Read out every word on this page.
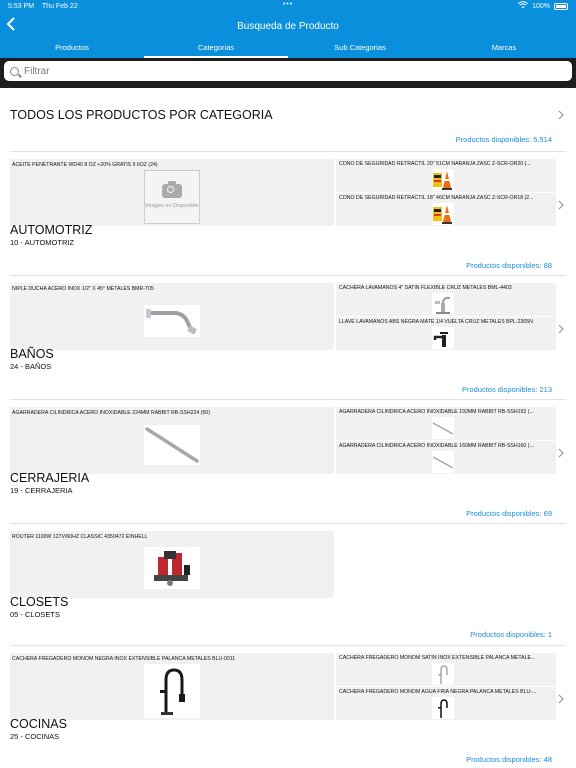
5:53 PM Thu Feb 22	•••	100%
Busqueda de Producto
Productos	Categorias	Sub Categorias	Marcas
Filtrar
TODOS LOS PRODUCTOS POR CATEGORIA
Productos disponibles: 5,514
ACEITE PENETRANTE WD40 8 OZ +20% GRATIS 9.6OZ (24)
Imagen no Disponible
CONO DE SEGURIDAD RETRACTIL 20" 51CM NARANJA ZASC Z-SCR-OR20 (...
CONO DE SEGURIDAD RETRACTIL 18" 46CM NARANJA ZASC Z-SCR-OR18 (2...
AUTOMOTRIZ
10 - AUTOMOTRIZ
Productos disponibles: 88
NIPLE DUCHA ACERO INOX 1/2" X 45° METALES BMR-T05	CACHERA LAVAMANOS 4" SATIN FLEXIBLE CRUZ METALES BML-4403
LLAVE LAVAMANOS ABS NEGRA MATE 1/4 VUELTA CRUZ METALES BPL-2305N
BAÑOS
24 - BAÑOS
Productos disponibles: 213
AGARRADERA CILINDRICA ACERO INOXIDABLE 224MM RABBIT RB-SSH224 (50)	AGARRADERA CILINDRICA ACERO INOXIDABLE 192MM RABBIT RB-SSH192 (...
AGARRADERA CILINDRICA ACERO INOXIDABLE 160MM RABBIT RB-SSH160 (...
CERRAJERIA
19 - CERRAJERIA
Productos disponibles: 69
ROUTER 1100W 127V/60HZ CLASSIC 4350472 EINHELL
CLOSETS
05 - CLOSETS
Productos disponibles: 1
CACHERA FREGADERO MONOM NEGRA INOX EXTENSIBLE PALANCA METALES BLU-0011	CACHERA FREGADERO MONOM SATIN INOX EXTENSIBLE PALANCA METALE...
CACHERA FREGADERO MONOM AGUA FRIA NEGRA PALANCA METALES BLU-...
COCINAS
25 - COCINAS
Productos disponibles: 48
